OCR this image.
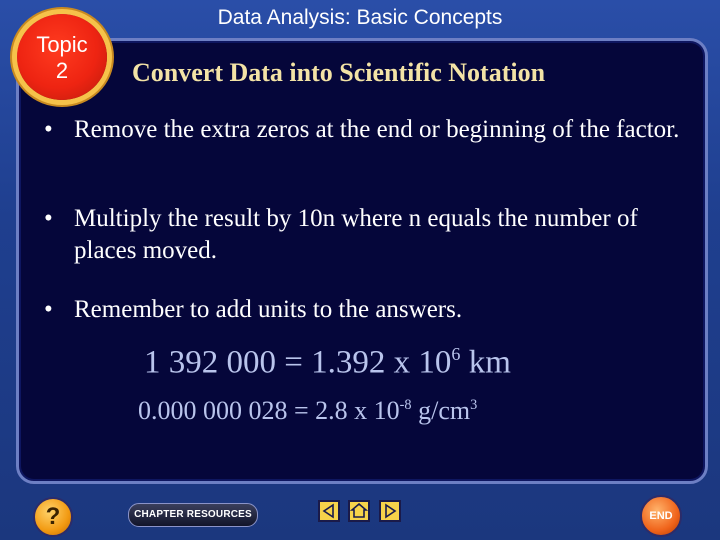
Data Analysis: Basic Concepts
Topic
2	Convert Data into Scientific Notation
• Remove the extra zeros at the end or beginning of the factor.
• Multiply the result by 10n where n equals the number of places moved.
• Remember to add units to the answers.
1 392 000 = 1.392 x $10^6$ km
0.000 000 028 = 2.8 x $10^{-8}$ $g/cm^3$
?	CHAPTER RESOURCES	END
